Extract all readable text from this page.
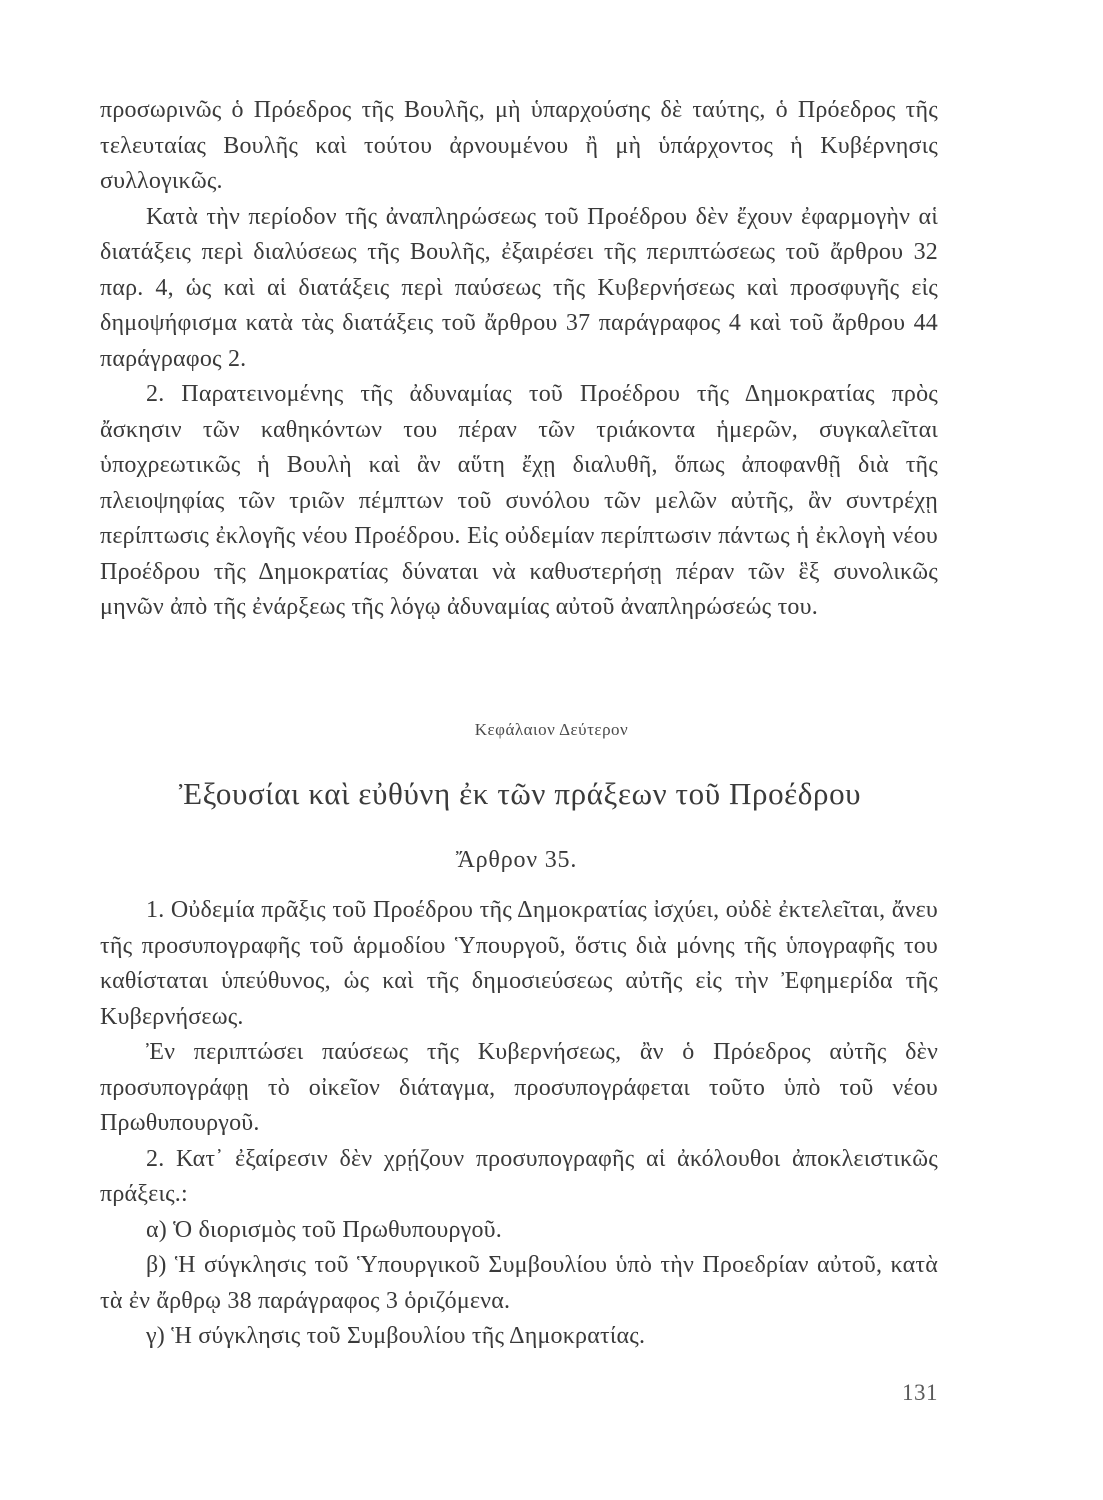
προσωρινῶς ὁ Πρόεδρος τῆς Βουλῆς, μὴ ὑπαρχούσης δὲ ταύτης, ὁ Πρόεδρος τῆς τελευταίας Βουλῆς καὶ τούτου ἀρνουμένου ἢ μὴ ὑπάρχοντος ἡ Κυβέρνησις συλλογικῶς.

Κατὰ τὴν περίοδον τῆς ἀναπληρώσεως τοῦ Προέδρου δὲν ἔχουν ἐφαρμογὴν αἱ διατάξεις περὶ διαλύσεως τῆς Βουλῆς, ἐξαιρέσει τῆς περιπτώσεως τοῦ ἄρθρου 32 παρ. 4, ὡς καὶ αἱ διατάξεις περὶ παύσεως τῆς Κυβερνήσεως καὶ προσφυγῆς εἰς δημοψήφισμα κατὰ τὰς διατάξεις τοῦ ἄρθρου 37 παράγραφος 4 καὶ τοῦ ἄρθρου 44 παράγραφος 2.

2. Παρατεινομένης τῆς ἀδυναμίας τοῦ Προέδρου τῆς Δημοκρατίας πρὸς ἄσκησιν τῶν καθηκόντων του πέραν τῶν τριάκοντα ἡμερῶν, συγκαλεῖται ὑποχρεωτικῶς ἡ Βουλὴ καὶ ἂν αὕτη ἔχῃ διαλυθῆ, ὅπως ἀποφανθῇ διὰ τῆς πλειοψηφίας τῶν τριῶν πέμπτων τοῦ συνόλου τῶν μελῶν αὐτῆς, ἂν συντρέχῃ περίπτωσις ἐκλογῆς νέου Προέδρου. Εἰς οὐδεμίαν περίπτωσιν πάντως ἡ ἐκλογὴ νέου Προέδρου τῆς Δημοκρατίας δύναται νὰ καθυστερήσῃ πέραν τῶν ἓξ συνολικῶς μηνῶν ἀπὸ τῆς ἐνάρξεως τῆς λόγῳ ἀδυναμίας αὐτοῦ ἀναπληρώσεώς του.

Κεφάλαιον Δεύτερον
Ἐξουσίαι καὶ εὐθύνη ἐκ τῶν πράξεων τοῦ Προέδρου
Ἄρθρον 35.

1. Οὐδεμία πρᾶξις τοῦ Προέδρου τῆς Δημοκρατίας ἰσχύει, οὐδὲ ἐκτελεῖται, ἄνευ τῆς προσυπογραφῆς τοῦ ἁρμοδίου Ὑπουργοῦ, ὅστις διὰ μόνης τῆς ὑπογραφῆς του καθίσταται ὑπεύθυνος, ὡς καὶ τῆς δημοσιεύσεως αὐτῆς εἰς τὴν Ἐφημερίδα τῆς Κυβερνήσεως.

Ἐν περιπτώσει παύσεως τῆς Κυβερνήσεως, ἂν ὁ Πρόεδρος αὐτῆς δὲν προσυπογράφῃ τὸ οἰκεῖον διάταγμα, προσυπογράφεται τοῦτο ὑπὸ τοῦ νέου Πρωθυπουργοῦ.

2. Κατ᾽ ἐξαίρεσιν δὲν χρῄζουν προσυπογραφῆς αἱ ἀκόλουθοι ἀποκλειστικῶς πράξεις.:

α) Ὁ διορισμὸς τοῦ Πρωθυπουργοῦ.

β) Ἡ σύγκλησις τοῦ Ὑπουργικοῦ Συμβουλίου ὑπὸ τὴν Προεδρίαν αὐτοῦ, κατὰ τὰ ἐν ἄρθρῳ 38 παράγραφος 3 ὁριζόμενα.

γ) Ἡ σύγκλησις τοῦ Συμβουλίου τῆς Δημοκρατίας.

131
